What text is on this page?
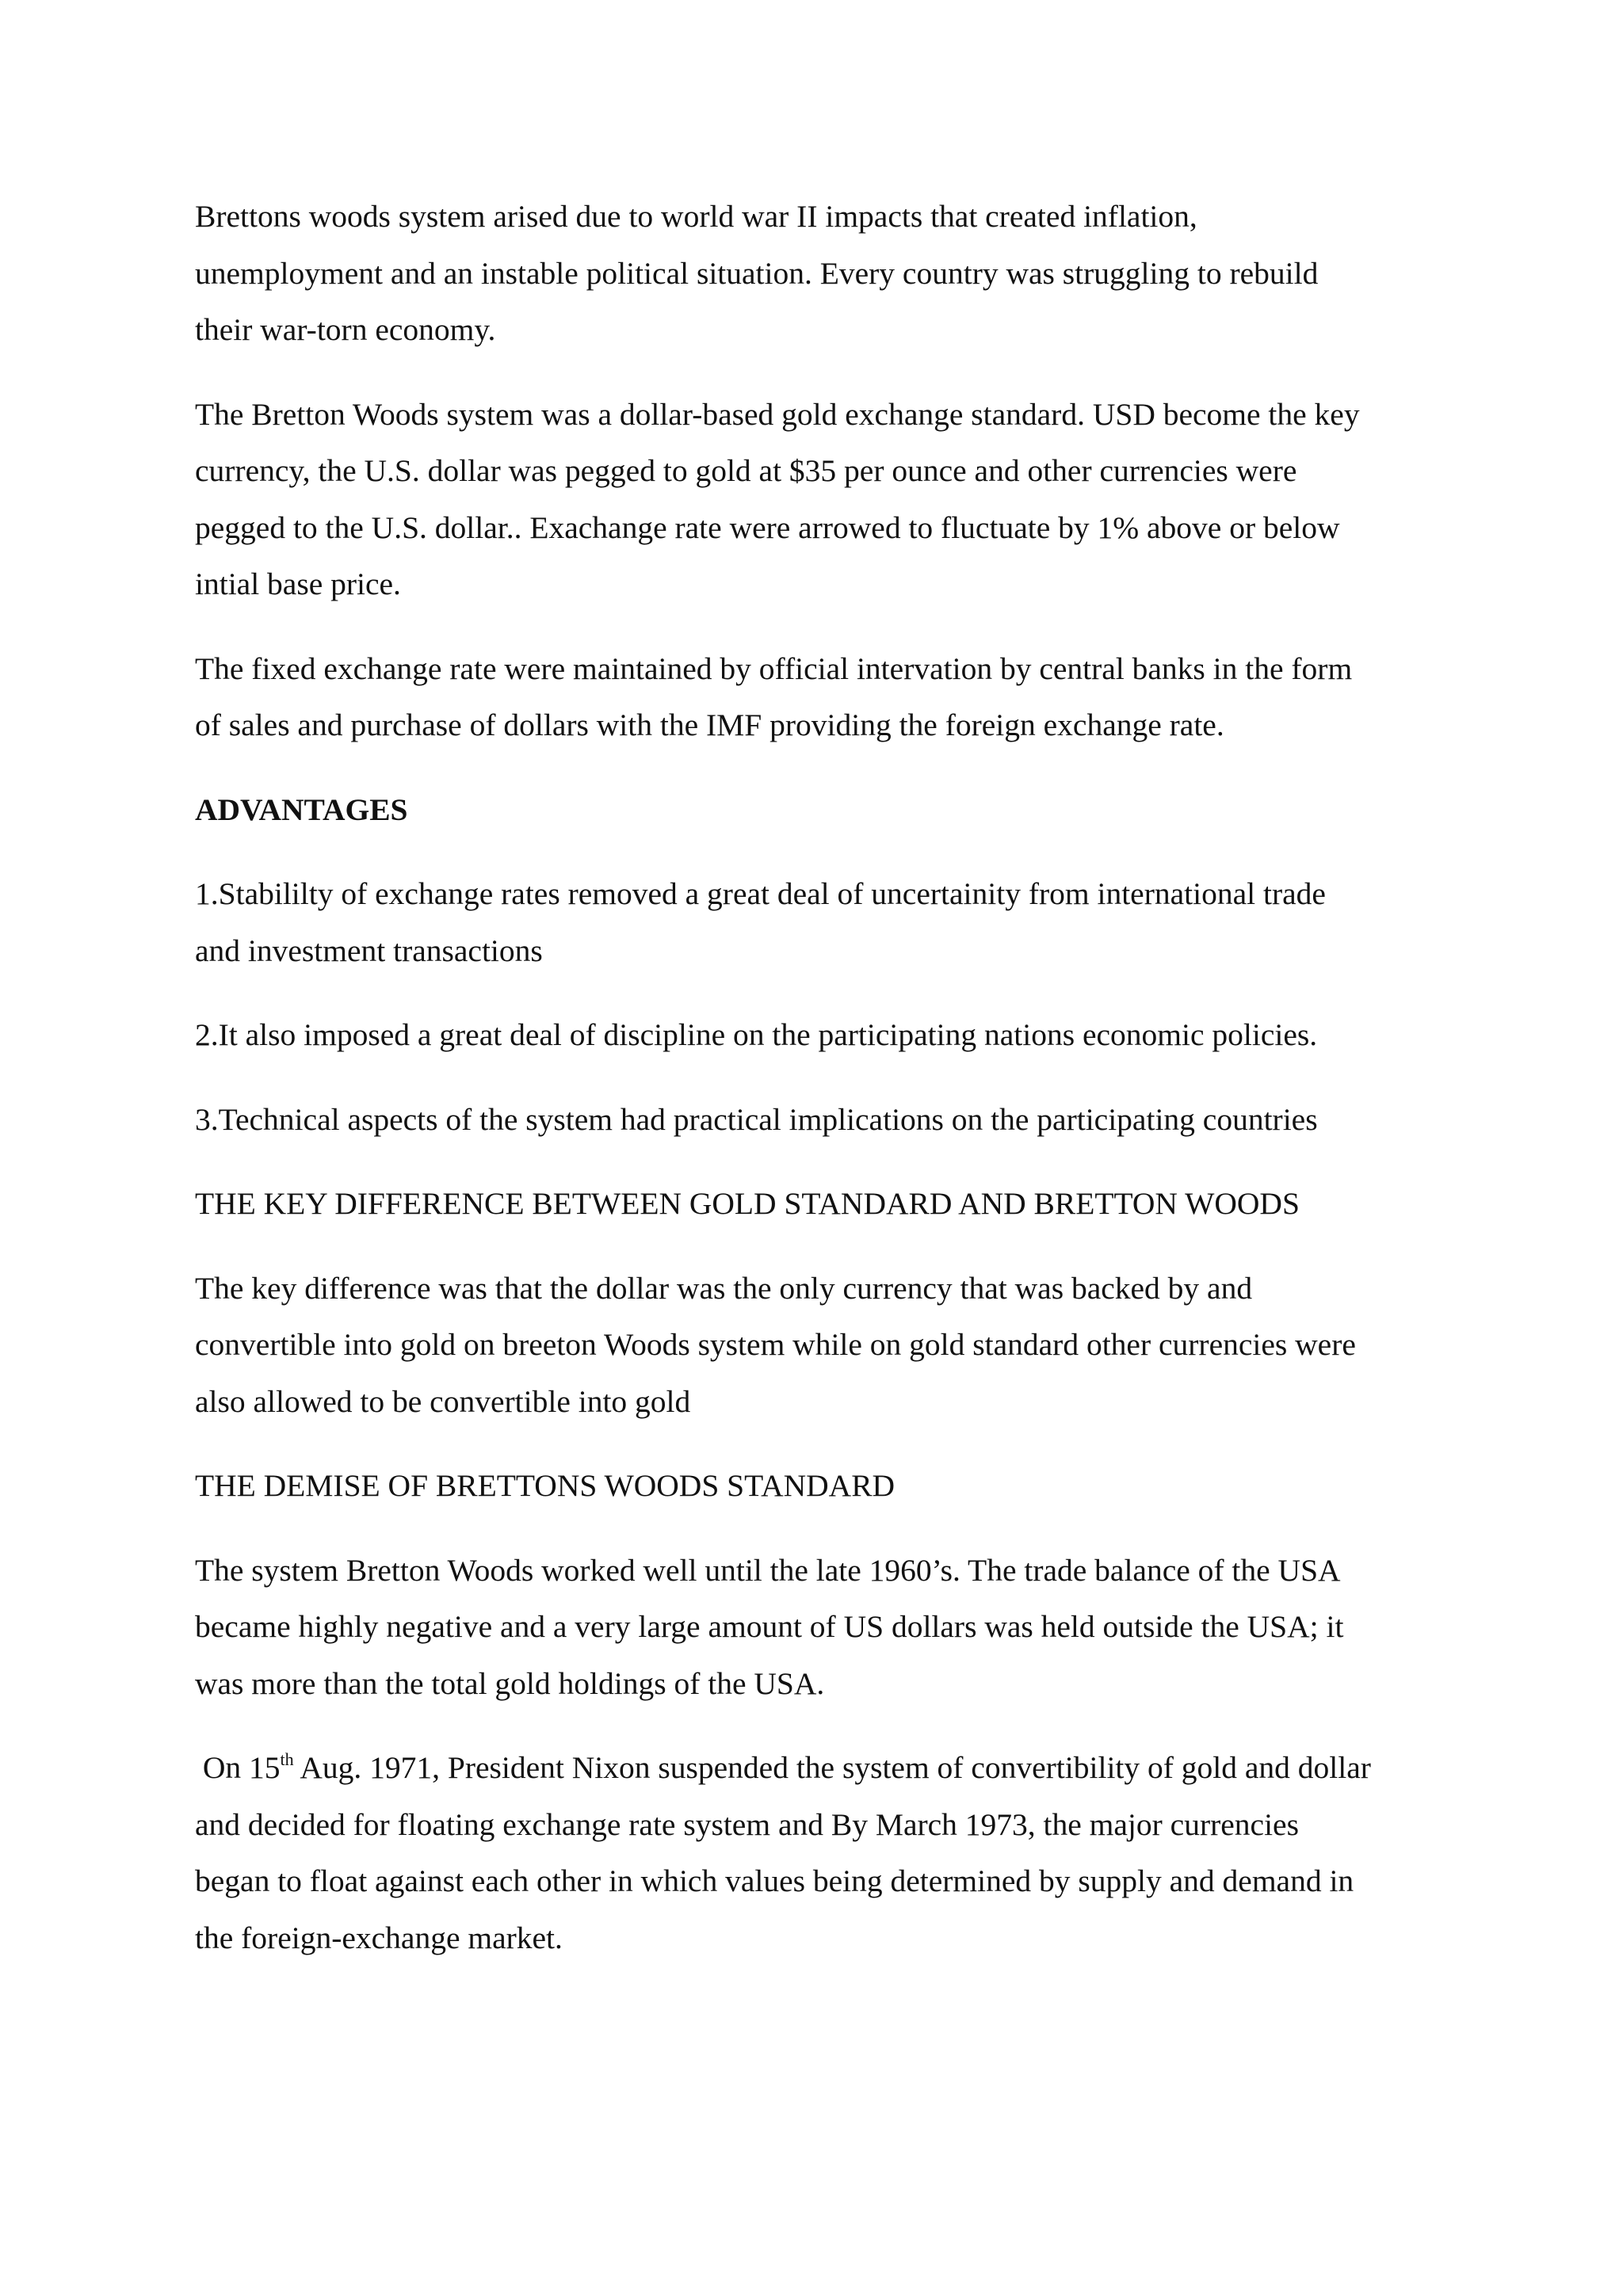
Brettons woods system arised due to world war II impacts that created inflation,
unemployment and an instable political situation. Every country was struggling to rebuild
their war-torn economy.

The Bretton Woods system was a dollar-based gold exchange standard. USD become the key
currency, the U.S. dollar was pegged to gold at $35 per ounce and other currencies were
pegged to the U.S. dollar.. Exachange rate were arrowed to fluctuate by 1% above or below
intial base price.

The fixed exchange rate were maintained by official intervation by central banks in the form
of sales and purchase of dollars with the IMF providing the foreign exchange rate.

ADVANTAGES

1.Stabililty of exchange rates removed a great deal of uncertainity from international trade
and investment transactions

2.It also imposed a great deal of discipline on the participating nations economic policies.

3.Technical aspects of the system had practical implications on the participating countries

THE KEY DIFFERENCE BETWEEN GOLD STANDARD AND BRETTON WOODS

The key difference was that the dollar was the only currency that was backed by and
convertible into gold on breeton Woods system while on gold standard other currencies were
also allowed to be convertible into gold

THE DEMISE OF BRETTONS WOODS STANDARD

The system Bretton Woods worked well until the late 1960’s. The trade balance of the USA
became highly negative and a very large amount of US dollars was held outside the USA; it
was more than the total gold holdings of the USA.

On 15th Aug. 1971, President Nixon suspended the system of convertibility of gold and dollar
and decided for floating exchange rate system and By March 1973, the major currencies
began to float against each other in which values being determined by supply and demand in
the foreign-exchange market.
